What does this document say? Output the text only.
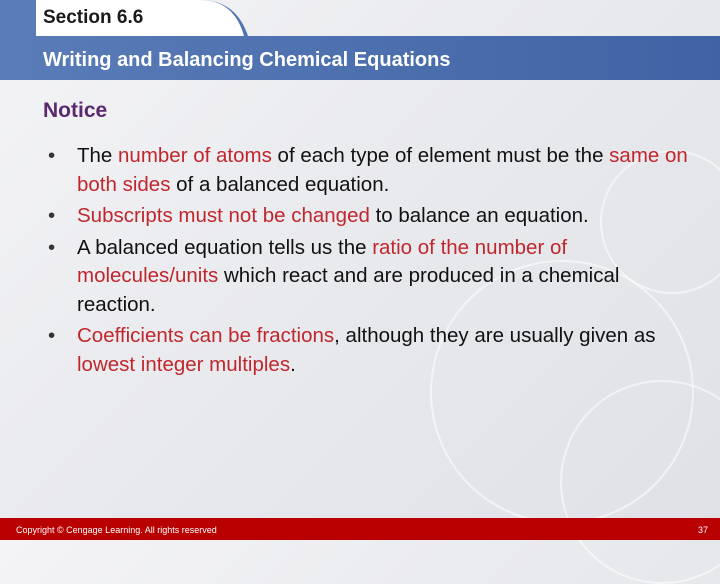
Section 6.6

Writing and Balancing Chemical Equations
Notice
• The number of atoms of each type of element must be the same on both sides of a balanced equation.
• Subscripts must not be changed to balance an equation.
• A balanced equation tells us the ratio of the number of molecules/units which react and are produced in a chemical reaction.
• Coefficients can be fractions, although they are usually given as lowest integer multiples.

Copyright © Cengage Learning. All rights reserved	37
